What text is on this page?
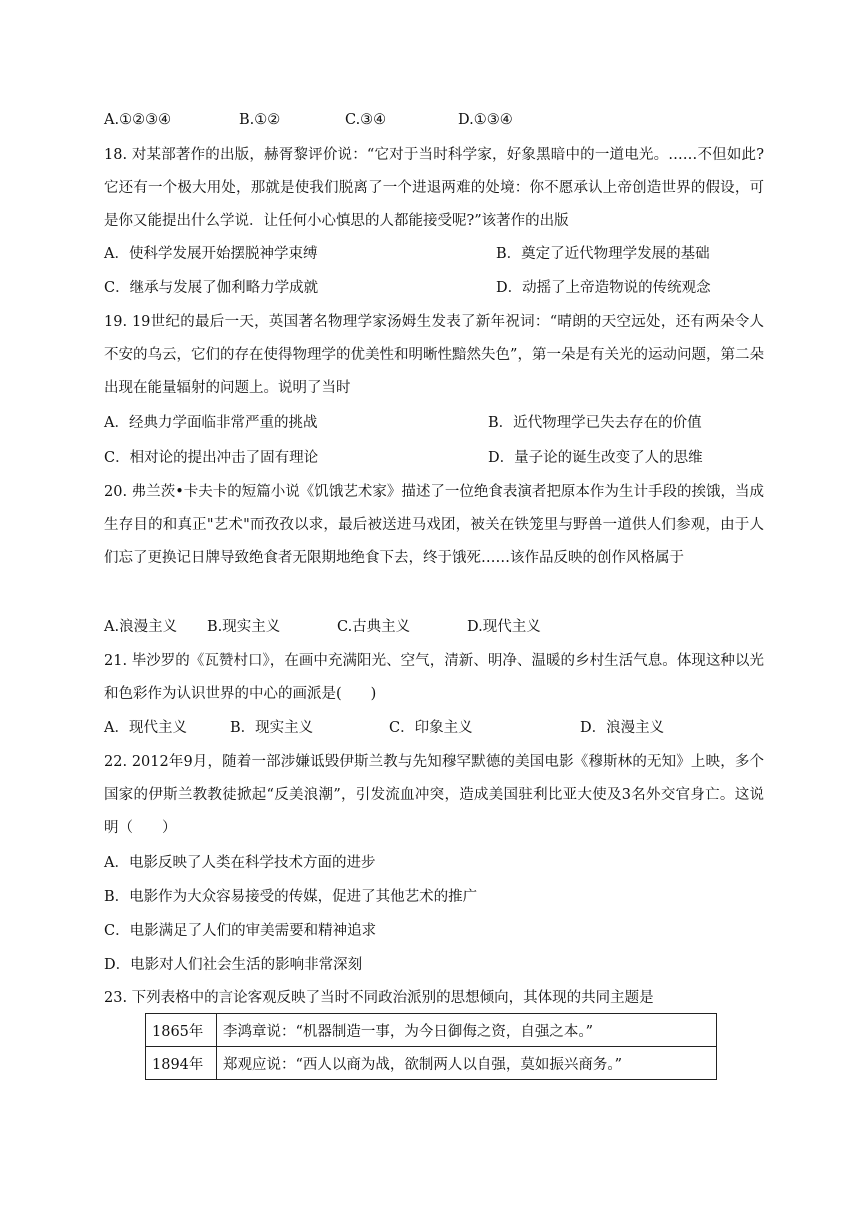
A.①②③④	B.①②	C.③④	D.①③④
18. 对某部著作的出版，赫胥黎评价说：“它对于当时科学家，好象黑暗中的一道电光。……不但如此?它还有一个极大用处，那就是使我们脱离了一个进退两难的处境：你不愿承认上帝创造世界的假设，可是你又能提出什么学说．让任何小心慎思的人都能接受呢?”该著作的出版
A．使科学发展开始摆脱神学束缚	B．奠定了近代物理学发展的基础
C．继承与发展了伽利略力学成就	D．动摇了上帝造物说的传统观念
19. 19世纪的最后一天，英国著名物理学家汤姆生发表了新年祝词：“晴朗的天空远处，还有两朵令人不安的乌云，它们的存在使得物理学的优美性和明晰性黯然失色”，第一朵是有关光的运动问题，第二朵出现在能量辐射的问题上。说明了当时
A．经典力学面临非常严重的挑战	B．近代物理学已失去存在的价值
C．相对论的提出冲击了固有理论	D．量子论的诞生改变了人的思维
20. 弗兰茨•卡夫卡的短篇小说《饥饿艺术家》描述了一位绝食表演者把原本作为生计手段的挨饿，当成生存目的和真正"艺术"而孜孜以求，最后被送进马戏团，被关在铁笼里与野兽一道供人们参观，由于人们忘了更换记日牌导致绝食者无限期地绝食下去，终于饿死……该作品反映的创作风格属于
A.浪漫主义 B.现实主义	C.古典主义	D.现代主义
21. 毕沙罗的《瓦赞村口》，在画中充满阳光、空气，清新、明净、温暖的乡村生活气息。体现这种以光和色彩作为认识世界的中心的画派是(　　)
A．现代主义	B．现实主义	C．印象主义	D．浪漫主义
22. 2012年9月，随着一部涉嫌诋毁伊斯兰教与先知穆罕默德的美国电影《穆斯林的无知》上映，多个国家的伊斯兰教教徒掀起“反美浪潮”，引发流血冲突，造成美国驻利比亚大使及3名外交官身亡。这说明（　　）
A．电影反映了人类在科学技术方面的进步
B．电影作为大众容易接受的传媒，促进了其他艺术的推广
C．电影满足了人们的审美需要和精神追求
D．电影对人们社会生活的影响非常深刻
23. 下列表格中的言论客观反映了当时不同政治派别的思想倾向，其体现的共同主题是
1865年	李鸿章说：“机器制造一事，为今日御侮之资，自强之本。”
1894年	郑观应说：“西人以商为战，欲制两人以自强，莫如振兴商务。”
